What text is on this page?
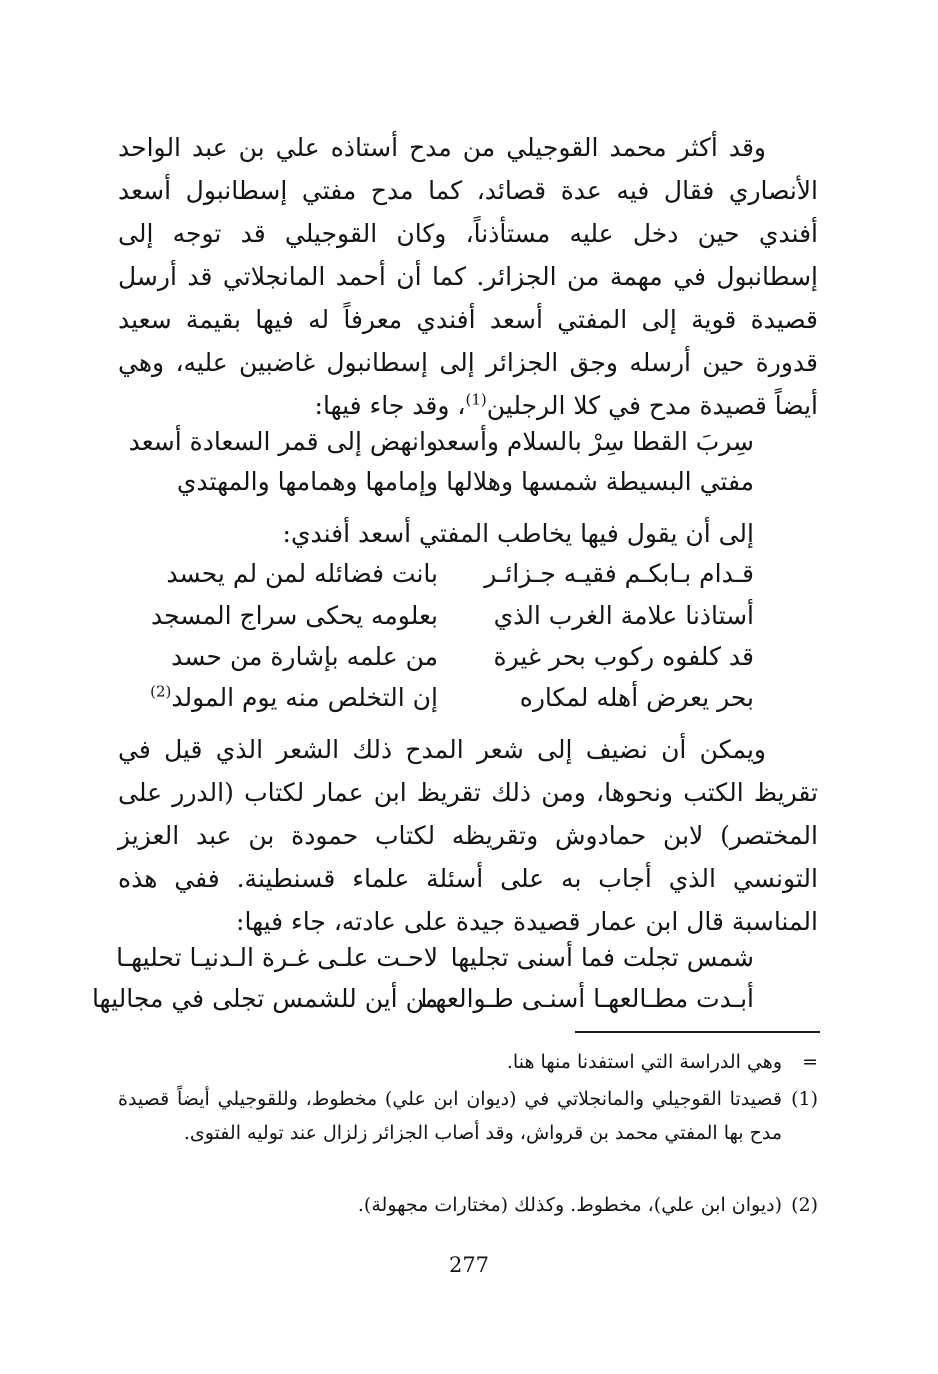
وقد أكثر محمد القوجيلي من مدح أستاذه علي بن عبد الواحد الأنصاري فقال فيه عدة قصائد، كما مدح مفتي إسطانبول أسعد أفندي حين دخل عليه مستأذناً، وكان القوجيلي قد توجه إلى إسطانبول في مهمة من الجزائر. كما أن أحمد المانجلاتي قد أرسل قصيدة قوية إلى المفتي أسعد أفندي معرفاً له فيها بقيمة سعيد قدورة حين أرسله وجق الجزائر إلى إسطانبول غاضبين عليه، وهي أيضاً قصيدة مدح في كلا الرجلين$^{(1)}$، وقد جاء فيها:
سِربَ القطا سِرْ بالسلام وأسعد
وانهض إلى قمر السعادة أسعد
مفتي البسيطة شمسها وهلالها
وإمامها وهمامها والمهتدي
إلى أن يقول فيها يخاطب المفتي أسعد أفندي:
قـدام بـابكـم فقيـه جـزائـر
بانت فضائله لمن لم يحسد
أستاذنا علامة الغرب الذي
بعلومه يحكى سراج المسجد
قد كلفوه ركوب بحر غيرة
من علمه بإشارة من حسد
بحر يعرض أهله لمكاره
إن التخلص منه يوم المولد$^{(2)}$
ويمكن أن نضيف إلى شعر المدح ذلك الشعر الذي قيل في تقريظ الكتب ونحوها، ومن ذلك تقريظ ابن عمار لكتاب (الدرر على المختصر) لابن حمادوش وتقريظه لكتاب حمودة بن عبد العزيز التونسي الذي أجاب به على أسئلة علماء قسنطينة. ففي هذه المناسبة قال ابن عمار قصيدة جيدة على عادته، جاء فيها:
شمس تجلت فما أسنى تجليها
لاحـت علـى غـرة الـدنيـا تحليهـا
أبـدت مطـالعهـا أسنـى طـوالعهـا
من أين للشمس تجلى في مجاليها
=
وهي الدراسة التي استفدنا منها هنا.
(1)
قصيدتا القوجيلي والمانجلاتي في (ديوان ابن علي) مخطوط، وللقوجيلي أيضاً قصيدة مدح بها المفتي محمد بن قرواش، وقد أصاب الجزائر زلزال عند توليه الفتوى.
(2)
(ديوان ابن علي)، مخطوط. وكذلك (مختارات مجهولة).
277
